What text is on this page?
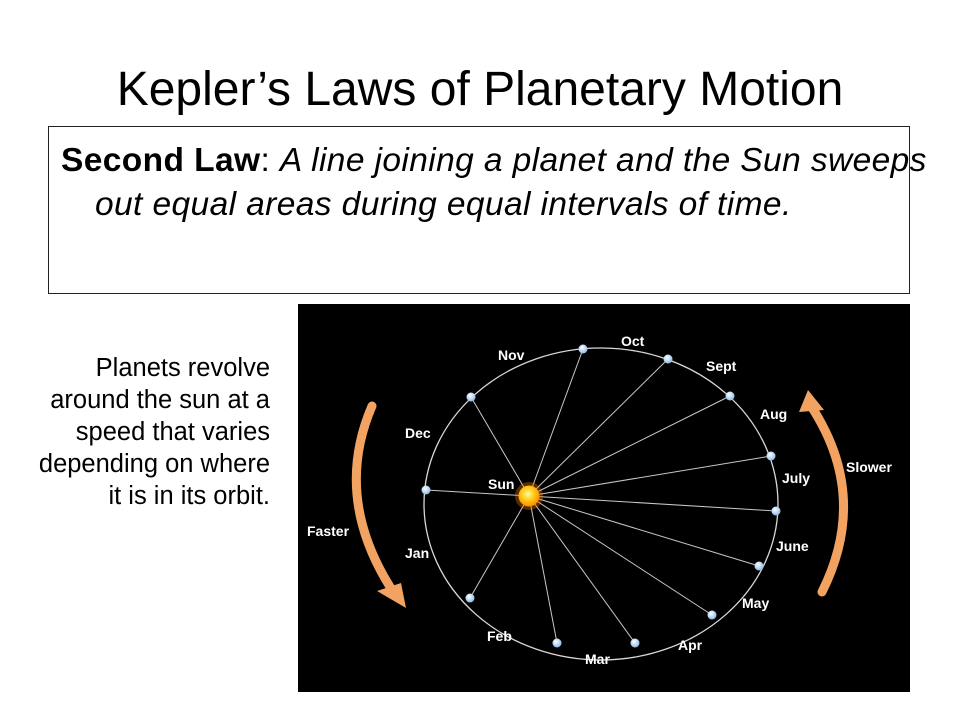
Kepler’s Laws of Planetary Motion
Second Law: A line joining a planet and the Sun sweeps out equal areas during equal intervals of time.
Planets revolve around the sun at a speed that varies depending on where it is in its orbit.
Oct
Nov
Sept
Aug
Dec
July
Sun
Jan	June
May
Feb
Apr
Mar
Faster
Slower
